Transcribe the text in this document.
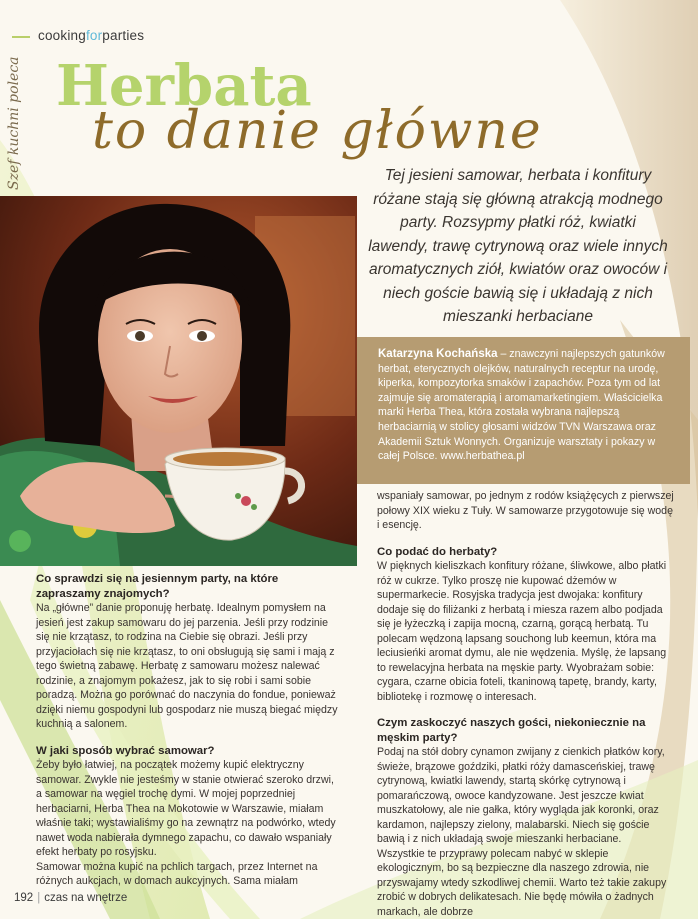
cookingforparties
Szef kuchni poleca Herbata
to danie główne
Tej jesieni samowar, herbata i konfitury różane stają się główną atrakcją modnego party. Rozsypmy płatki róż, kwiatki lawendy, trawę cytrynową oraz wiele innych aromatycznych ziół, kwiatów oraz owoców i niech goście bawią się i układają z nich mieszanki herbaciane
Katarzyna Kochańska – znawczyni najlepszych gatunków herbat, eterycznych olejków, naturalnych receptur na urodę, kiperka, kompozytorka smaków i zapachów. Poza tym od lat zajmuje się aromaterapią i aromamarketingiem. Właścicielka marki Herba Thea, która została wybrana najlepszą herbaciarnią w stolicy głosami widzów TVN Warszawa oraz Akademii Sztuk Wonnych. Organizuje warsztaty i pokazy w całej Polsce. www.herbathea.pl

Co sprawdzi się na jesiennym party, na które zapraszamy znajomych?

Na „główne” danie proponuję herbatę. Idealnym pomysłem na jesień jest zakup samowaru do jej parzenia. Jeśli przy rodzinie się nie krzątasz, to rodzina na Ciebie się obrazi. Jeśli przy przyjaciołach się nie krzątasz, to oni obsługują się sami i mają z tego świetną zabawę. Herbatę z samowaru możesz nalewać rodzinie, a znajomym pokażesz, jak to się robi i sami sobie poradzą. Można go porównać do naczynia do fondue, ponieważ dzięki niemu gospodyni lub gospodarz nie muszą biegać między kuchnią a salonem.

W jaki sposób wybrać samowar?

Żeby było łatwiej, na początek możemy kupić elektryczny samowar. Zwykle nie jesteśmy w stanie otwierać szeroko drzwi, a samowar na węgiel trochę dymi. W mojej poprzedniej herbaciarni, Herba Thea na Mokotowie w Warszawie, miałam właśnie taki; wystawialiśmy go na zewnątrz na podwórko, wtedy nawet woda nabierała dymnego zapachu, co dawało wspaniały efekt herbaty po rosyjsku.

Samowar można kupić na pchlich targach, przez Internet na różnych aukcjach, w domach aukcyjnych. Sama miałam

wspaniały samowar, po jednym z rodów książęcych z pierwszej połowy XIX wieku z Tuły. W samowarze przygotowuje się wodę i esencję.

Co podać do herbaty?

W pięknych kieliszkach konfitury różane, śliwkowe, albo płatki róż w cukrze. Tylko proszę nie kupować dżemów w supermarkecie. Rosyjska tradycja jest dwojaka: konfitury dodaje się do filiżanki z herbatą i miesza razem albo podjada się je łyżeczką i zapija mocną, czarną, gorącą herbatą. Tu polecam wędzoną lapsang souchong lub keemun, która ma leciusieńki aromat dymu, ale nie wędzenia. Myślę, że lapsang to rewelacyjna herbata na męskie party. Wyobrażam sobie: cygara, czarne obicia foteli, tkaninową tapetę, brandy, karty, bibliotekę i rozmowę o interesach.

Czym zaskoczyć naszych gości, niekoniecznie na męskim party?

Podaj na stół dobry cynamon zwijany z cienkich płatków kory, świeże, brązowe goździki, płatki róży damasceńskiej, trawę cytrynową, kwiatki lawendy, startą skórkę cytrynową i pomarańczową, owoce kandyzowane. Jest jeszcze kwiat muszkatołowy, ale nie gałka, który wygląda jak koronki, oraz kardamon, najlepszy zielony, malabarski. Niech się goście bawią i z nich układają swoje mieszanki herbaciane.

Wszystkie te przyprawy polecam nabyć w sklepie ekologicznym, bo są bezpieczne dla naszego zdrowia, nie przyswajamy wtedy szkodliwej chemii. Warto też takie zakupy zrobić w dobrych delikatesach. Nie będę mówiła o żadnych markach, ale dobrze

192 | czas na wnętrze
